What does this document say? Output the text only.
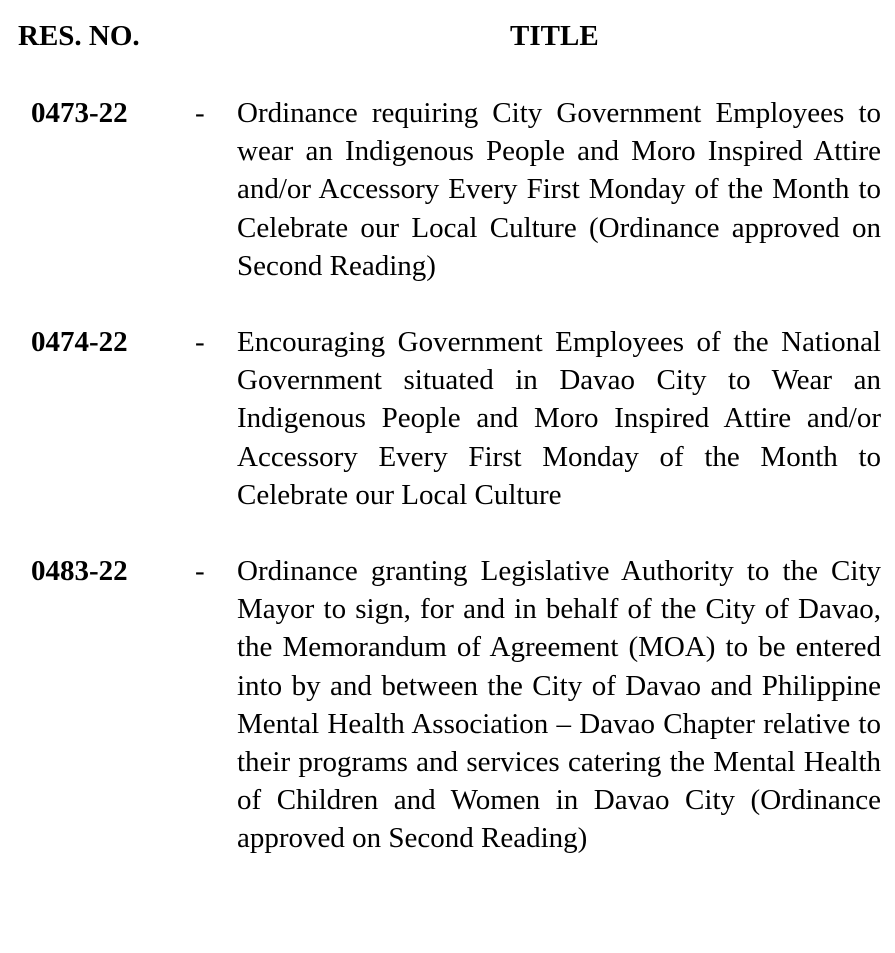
RES. NO.	TITLE
0473-22 - Ordinance requiring City Government Employees to wear an Indigenous People and Moro Inspired Attire and/or Accessory Every First Monday of the Month to Celebrate our Local Culture (Ordinance approved on Second Reading)
0474-22 - Encouraging Government Employees of the National Government situated in Davao City to Wear an Indigenous People and Moro Inspired Attire and/or Accessory Every First Monday of the Month to Celebrate our Local Culture
0483-22 - Ordinance granting Legislative Authority to the City Mayor to sign, for and in behalf of the City of Davao, the Memorandum of Agreement (MOA) to be entered into by and between the City of Davao and Philippine Mental Health Association – Davao Chapter relative to their programs and services catering the Mental Health of Children and Women in Davao City (Ordinance approved on Second Reading)
